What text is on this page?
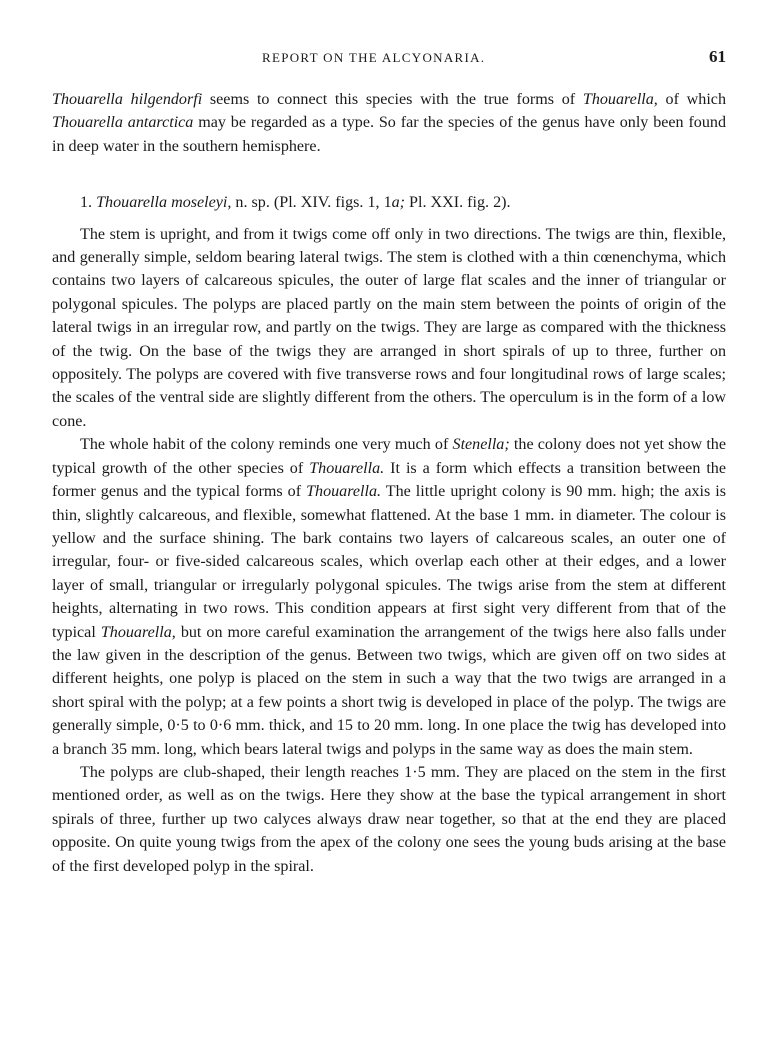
REPORT ON THE ALCYONARIA.	61

Thouarella hilgendorfi seems to connect this species with the true forms of Thouarella, of which Thouarella antarctica may be regarded as a type. So far the species of the genus have only been found in deep water in the southern hemisphere.

1. Thouarella moseleyi, n. sp. (Pl. XIV. figs. 1, 1a; Pl. XXI. fig. 2).

The stem is upright, and from it twigs come off only in two directions. The twigs are thin, flexible, and generally simple, seldom bearing lateral twigs. The stem is clothed with a thin cœnenchyma, which contains two layers of calcareous spicules, the outer of large flat scales and the inner of triangular or polygonal spicules. The polyps are placed partly on the main stem between the points of origin of the lateral twigs in an irregular row, and partly on the twigs. They are large as compared with the thickness of the twig. On the base of the twigs they are arranged in short spirals of up to three, further on oppositely. The polyps are covered with five transverse rows and four longitudinal rows of large scales; the scales of the ventral side are slightly different from the others. The operculum is in the form of a low cone.

The whole habit of the colony reminds one very much of Stenella; the colony does not yet show the typical growth of the other species of Thouarella. It is a form which effects a transition between the former genus and the typical forms of Thouarella. The little upright colony is 90 mm. high; the axis is thin, slightly calcareous, and flexible, somewhat flattened. At the base 1 mm. in diameter. The colour is yellow and the surface shining. The bark contains two layers of calcareous scales, an outer one of irregular, four- or five-sided calcareous scales, which overlap each other at their edges, and a lower layer of small, triangular or irregularly polygonal spicules. The twigs arise from the stem at different heights, alternating in two rows. This condition appears at first sight very different from that of the typical Thouarella, but on more careful examination the arrangement of the twigs here also falls under the law given in the description of the genus. Between two twigs, which are given off on two sides at different heights, one polyp is placed on the stem in such a way that the two twigs are arranged in a short spiral with the polyp; at a few points a short twig is developed in place of the polyp. The twigs are generally simple, 0·5 to 0·6 mm. thick, and 15 to 20 mm. long. In one place the twig has developed into a branch 35 mm. long, which bears lateral twigs and polyps in the same way as does the main stem.

The polyps are club-shaped, their length reaches 1·5 mm. They are placed on the stem in the first mentioned order, as well as on the twigs. Here they show at the base the typical arrangement in short spirals of three, further up two calyces always draw near together, so that at the end they are placed opposite. On quite young twigs from the apex of the colony one sees the young buds arising at the base of the first developed polyp in the spiral.
